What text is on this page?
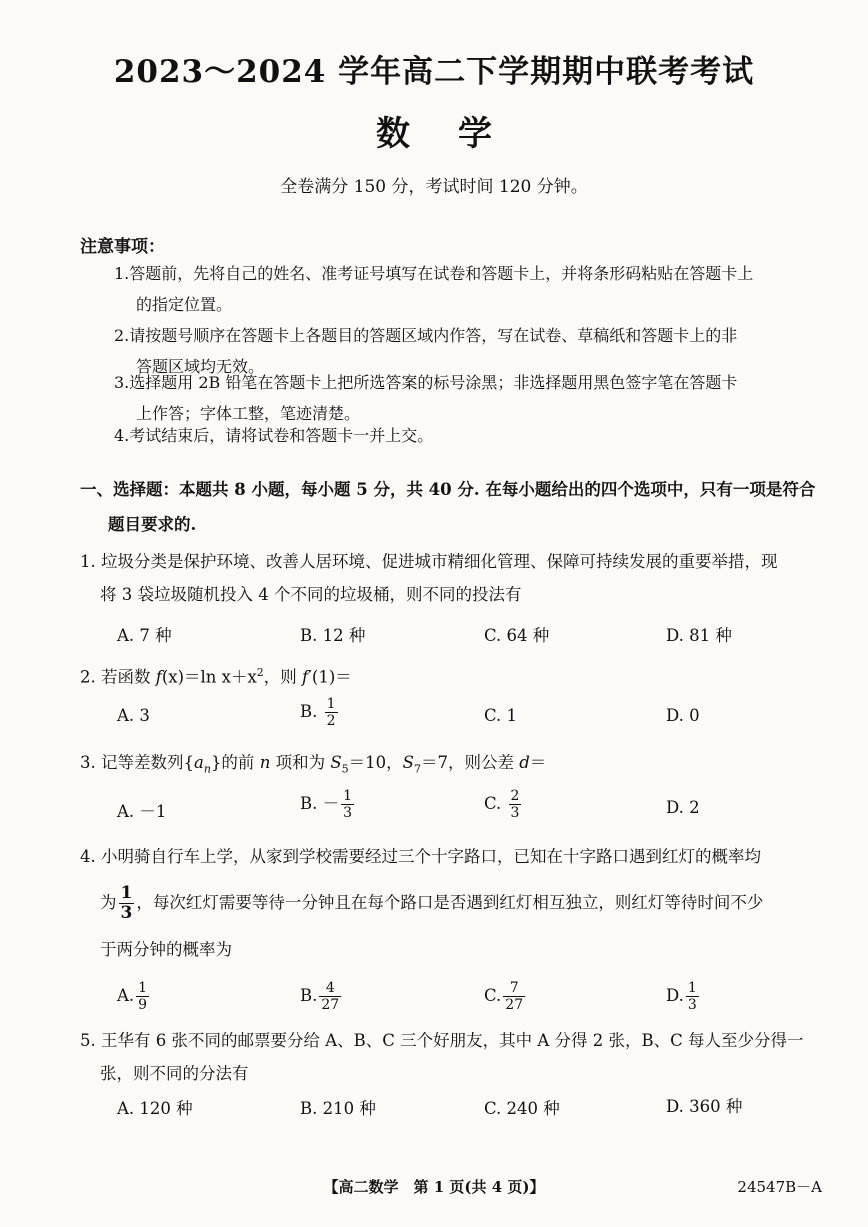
2023～2024 学年高二下学期期中联考考试
数学
全卷满分 150 分，考试时间 120 分钟。
注意事项：
1.答题前，先将自己的姓名、准考证号填写在试卷和答题卡上，并将条形码粘贴在答题卡上
的指定位置。
2.请按题号顺序在答题卡上各题目的答题区域内作答，写在试卷、草稿纸和答题卡上的非
答题区域均无效。
3.选择题用 2B 铅笔在答题卡上把所选答案的标号涂黑；非选择题用黑色签字笔在答题卡
上作答；字体工整，笔迹清楚。
4.考试结束后，请将试卷和答题卡一并上交。
一、选择题：本题共 8 小题，每小题 5 分，共 40 分. 在每小题给出的四个选项中，只有一项是符合
题目要求的.
1. 垃圾分类是保护环境、改善人居环境、促进城市精细化管理、保障可持续发展的重要举措，现
将 3 袋垃圾随机投入 4 个不同的垃圾桶，则不同的投法有
A. 7 种	B. 12 种	C. 64 种	D. 81 种
2. 若函数 f(x)＝ln $x+x^2$，则 f′(1)＝
A. 3	B. $\frac{1}{2}$	C. 1	D. 0
3. 记等差数列$\{a_n\}$的前 n 项和为 $S_5=10$，$S_7=7$，则公差 d＝
A. －1	B. － $\frac{1}{3}$	C. $\frac{2}{3}$	D. 2
4. 小明骑自行车上学，从家到学校需要经过三个十字路口，已知在十字路口遇到红灯的概率均
为 $\frac{1}{3}$ ，每次红灯需要等待一分钟且在每个路口是否遇到红灯相互独立，则红灯等待时间不少
于两分钟的概率为
A. $\frac{1}{9}$	B. $\frac{4}{27}$	C. $\frac{7}{27}$	D. $\frac{1}{3}$
5. 王华有 6 张不同的邮票要分给 A、B、C 三个好朋友，其中 A 分得 2 张，B、C 每人至少分得一
张，则不同的分法有
A. 120 种	B. 210 种	C. 240 种	D. 360 种
【高二数学　第 1 页(共 4 页)】	24547B－A
